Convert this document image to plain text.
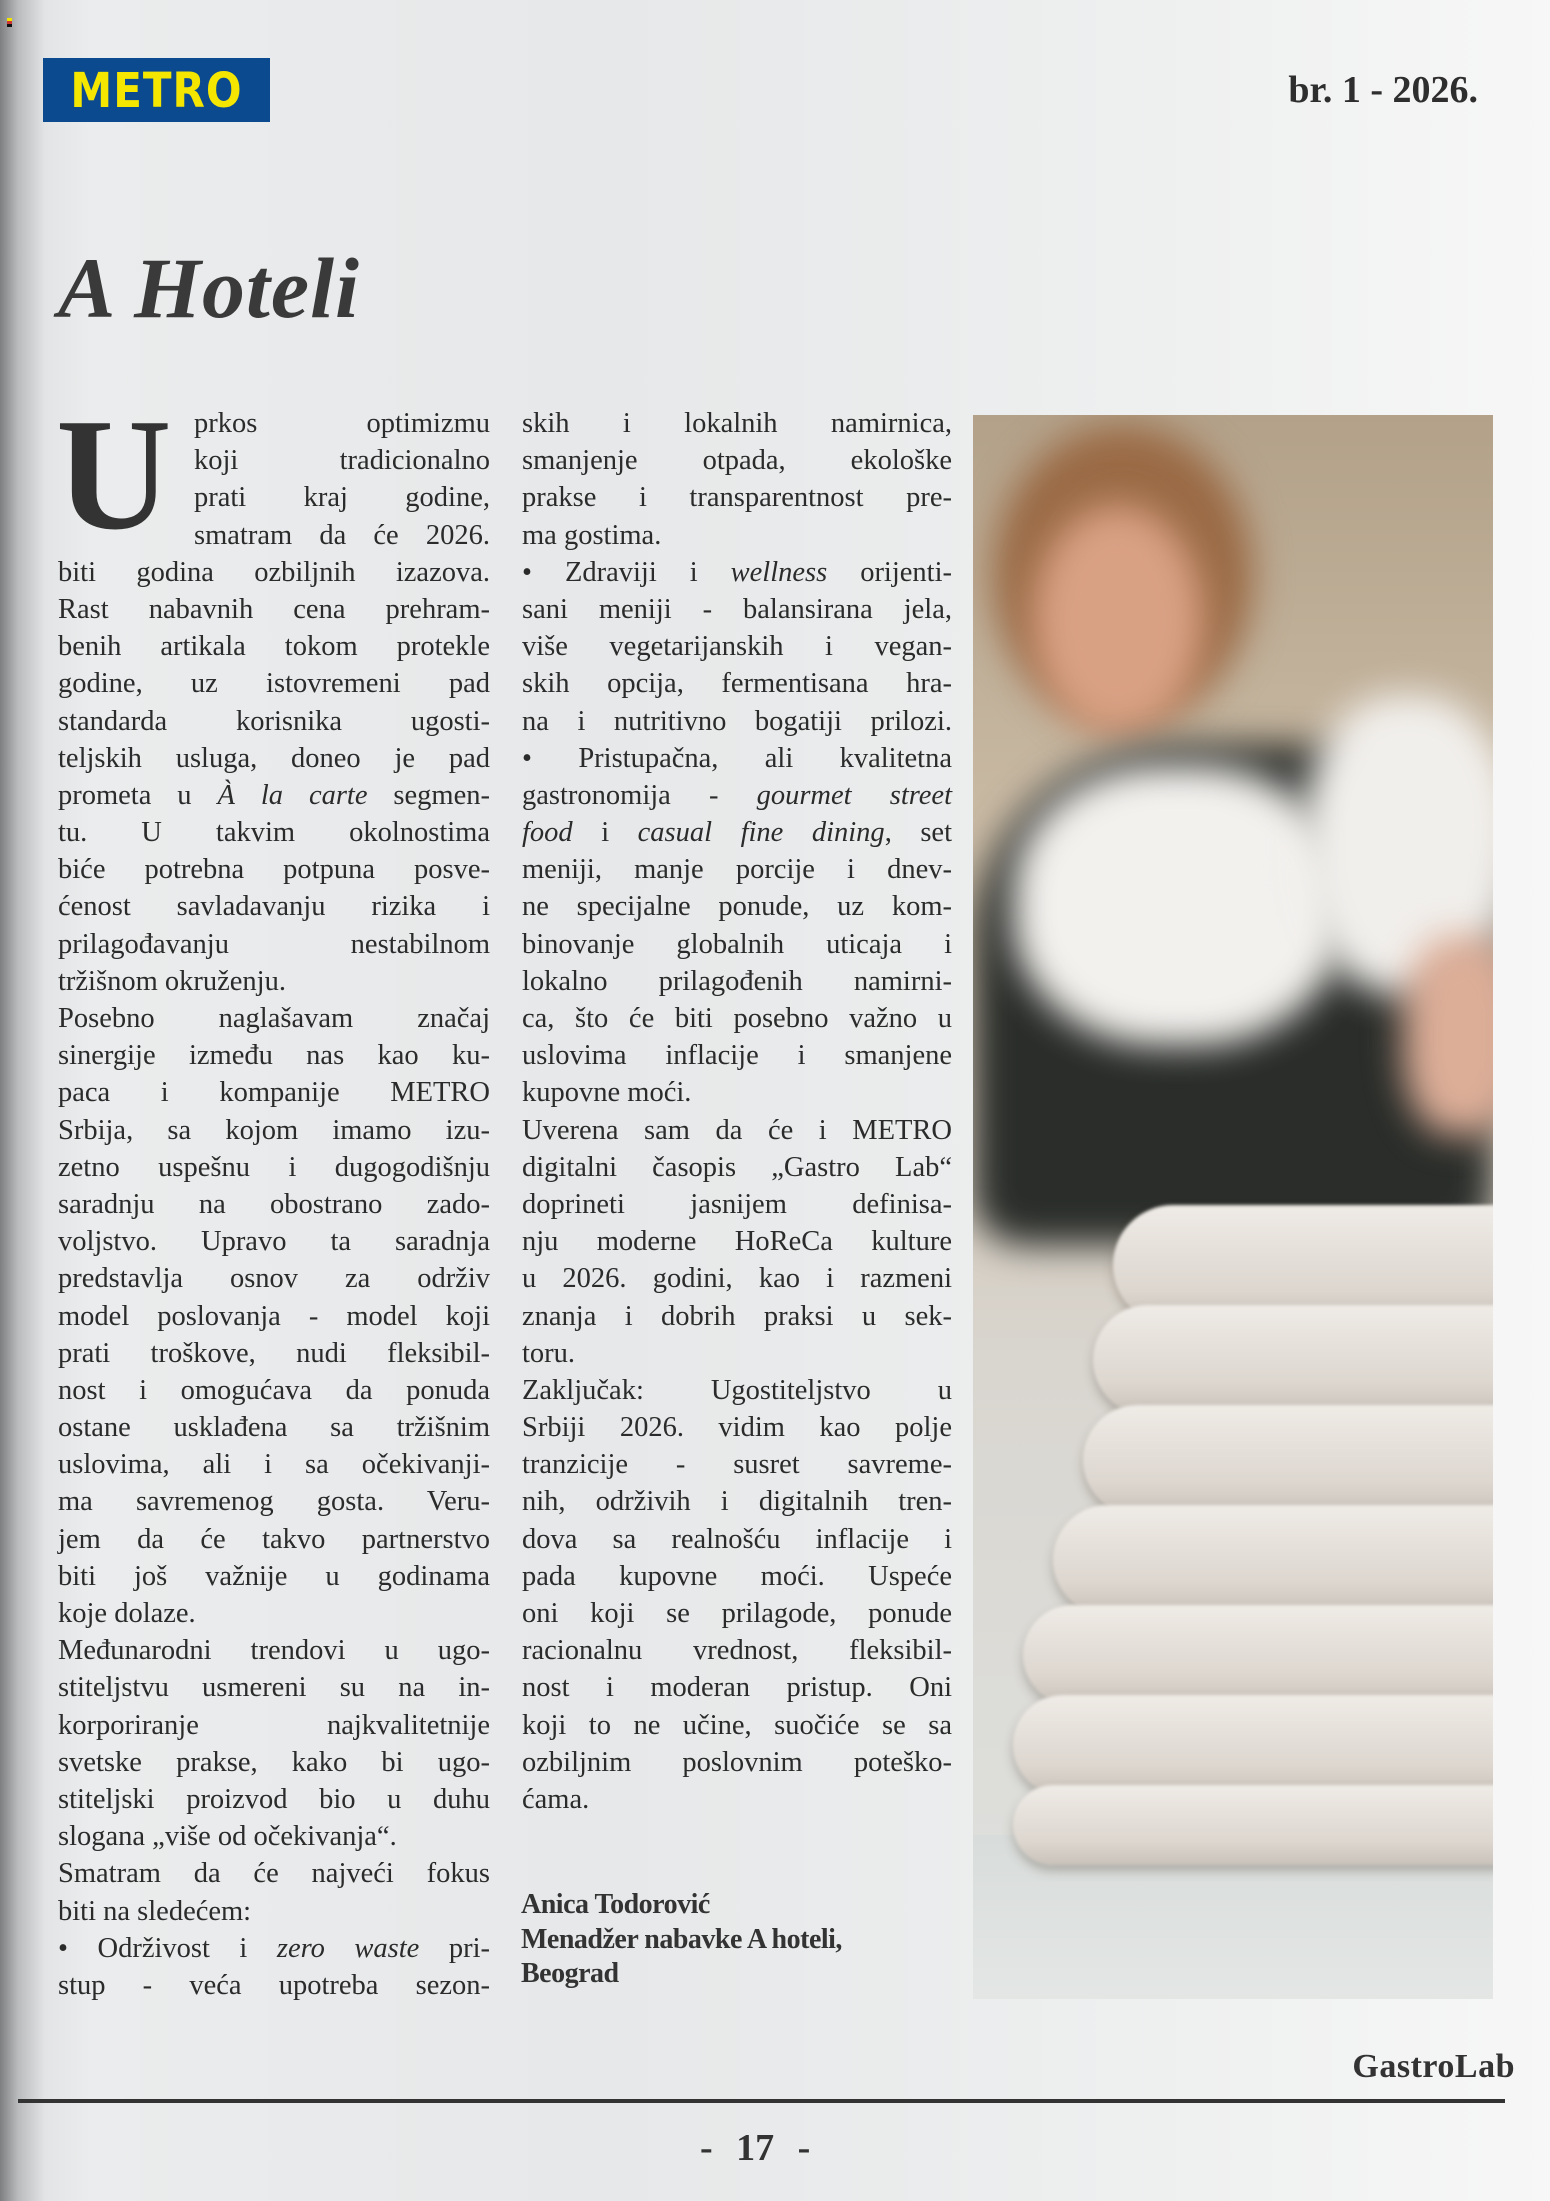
METRO	br. 1 - 2026.
A Hoteli
U prkos optimizmu
koji tradicionalno
prati kraj godine,
smatram da će 2026.
biti godina ozbiljnih izazova.
Rast nabavnih cena prehram-
benih artikala tokom protekle
godine, uz istovremeni pad
standarda korisnika ugosti-
teljskih usluga, doneo je pad
prometa u À la carte segmen-
tu. U takvim okolnostima
biće potrebna potpuna posve-
ćenost savladavanju rizika i
prilagođavanju nestabilnom
tržišnom okruženju.
Posebno naglašavam značaj
sinergije između nas kao ku-
paca i kompanije METRO
Srbija, sa kojom imamo izu-
zetno uspešnu i dugogodišnju
saradnju na obostrano zado-
voljstvo. Upravo ta saradnja
predstavlja osnov za održiv
model poslovanja - model koji
prati troškove, nudi fleksibil-
nost i omogućava da ponuda
ostane usklađena sa tržišnim
uslovima, ali i sa očekivanji-
ma savremenog gosta. Veru-
jem da će takvo partnerstvo
biti još važnije u godinama
koje dolaze.
Međunarodni trendovi u ugo-
stiteljstvu usmereni su na in-
korporiranje najkvalitetnije
svetske prakse, kako bi ugo-
stiteljski proizvod bio u duhu
slogana „više od očekivanja“.
Smatram da će najveći fokus
biti na sledećem:
• Održivost i zero waste pri-
stup - veća upotreba sezon-
skih i lokalnih namirnica,
smanjenje otpada, ekološke
prakse i transparentnost pre-
ma gostima.
• Zdraviji i wellness orijenti-
sani meniji - balansirana jela,
više vegetarijanskih i vegan-
skih opcija, fermentisana hra-
na i nutritivno bogatiji prilozi.
• Pristupačna, ali kvalitetna
gastronomija - gourmet street
food i casual fine dining, set
meniji, manje porcije i dnev-
ne specijalne ponude, uz kom-
binovanje globalnih uticaja i
lokalno prilagođenih namirni-
ca, što će biti posebno važno u
uslovima inflacije i smanjene
kupovne moći.
Uverena sam da će i METRO
digitalni časopis „Gastro Lab“
doprineti jasnijem definisa-
nju moderne HoReCa kulture
u 2026. godini, kao i razmeni
znanja i dobrih praksi u sek-
toru.
Zaključak: Ugostiteljstvo u
Srbiji 2026. vidim kao polje
tranzicije - susret savreme-
nih, održivih i digitalnih tren-
dova sa realnošću inflacije i
pada kupovne moći. Uspeće
oni koji se prilagode, ponude
racionalnu vrednost, fleksibil-
nost i moderan pristup. Oni
koji to ne učine, suočiće se sa
ozbiljnim poslovnim poteško-
ćama.
Anica Todorović
Menadžer nabavke A hoteli,
Beograd
GastroLab
- 17 -
